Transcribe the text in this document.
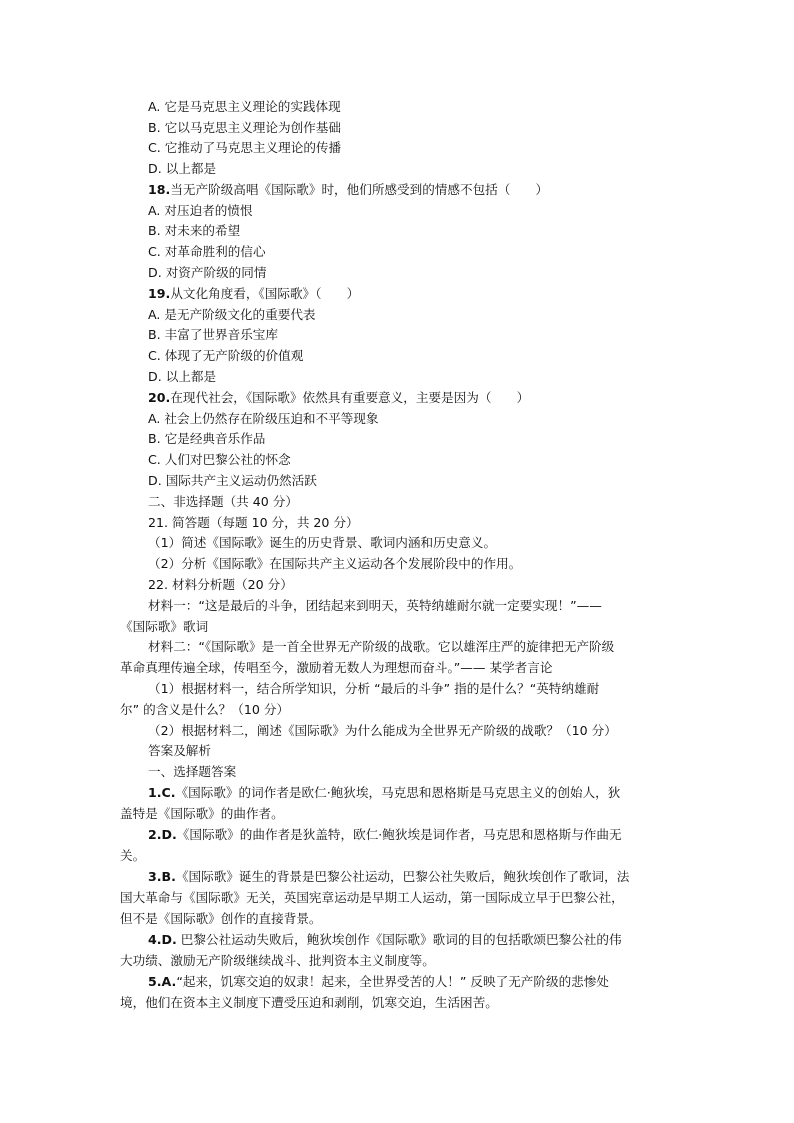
A. 它是马克思主义理论的实践体现
B. 它以马克思主义理论为创作基础
C. 它推动了马克思主义理论的传播
D. 以上都是
18.当无产阶级高唱《国际歌》时，他们所感受到的情感不包括（　　）
A. 对压迫者的愤恨
B. 对未来的希望
C. 对革命胜利的信心
D. 对资产阶级的同情
19.从文化角度看，《国际歌》（　　）
A. 是无产阶级文化的重要代表
B. 丰富了世界音乐宝库
C. 体现了无产阶级的价值观
D. 以上都是
20.在现代社会，《国际歌》依然具有重要意义，主要是因为（　　）
A. 社会上仍然存在阶级压迫和不平等现象
B. 它是经典音乐作品
C. 人们对巴黎公社的怀念
D. 国际共产主义运动仍然活跃
二、非选择题（共 40 分）
21. 简答题（每题 10 分，共 20 分）
（1）简述《国际歌》诞生的历史背景、歌词内涵和历史意义。
（2）分析《国际歌》在国际共产主义运动各个发展阶段中的作用。
22. 材料分析题（20 分）
材料一：“这是最后的斗争，团结起来到明天，英特纳雄耐尔就一定要实现！”——
《国际歌》歌词
材料二：“《国际歌》是一首全世界无产阶级的战歌。它以雄浑庄严的旋律把无产阶级
革命真理传遍全球，传唱至今，激励着无数人为理想而奋斗。”—— 某学者言论
（1）根据材料一，结合所学知识，分析 “最后的斗争” 指的是什么？“英特纳雄耐
尔” 的含义是什么？（10 分）
（2）根据材料二，阐述《国际歌》为什么能成为全世界无产阶级的战歌？（10 分）
答案及解析
一、选择题答案
1.C.《国际歌》的词作者是欧仁·鲍狄埃，马克思和恩格斯是马克思主义的创始人，狄
盖特是《国际歌》的曲作者。
2.D.《国际歌》的曲作者是狄盖特，欧仁·鲍狄埃是词作者，马克思和恩格斯与作曲无
关。
3.B.《国际歌》诞生的背景是巴黎公社运动，巴黎公社失败后，鲍狄埃创作了歌词，法
国大革命与《国际歌》无关，英国宪章运动是早期工人运动，第一国际成立早于巴黎公社，
但不是《国际歌》创作的直接背景。
4.D. 巴黎公社运动失败后，鲍狄埃创作《国际歌》歌词的目的包括歌颂巴黎公社的伟
大功绩、激励无产阶级继续战斗、批判资本主义制度等。
5.A.“起来，饥寒交迫的奴隶！起来，全世界受苦的人！” 反映了无产阶级的悲惨处
境，他们在资本主义制度下遭受压迫和剥削，饥寒交迫，生活困苦。
